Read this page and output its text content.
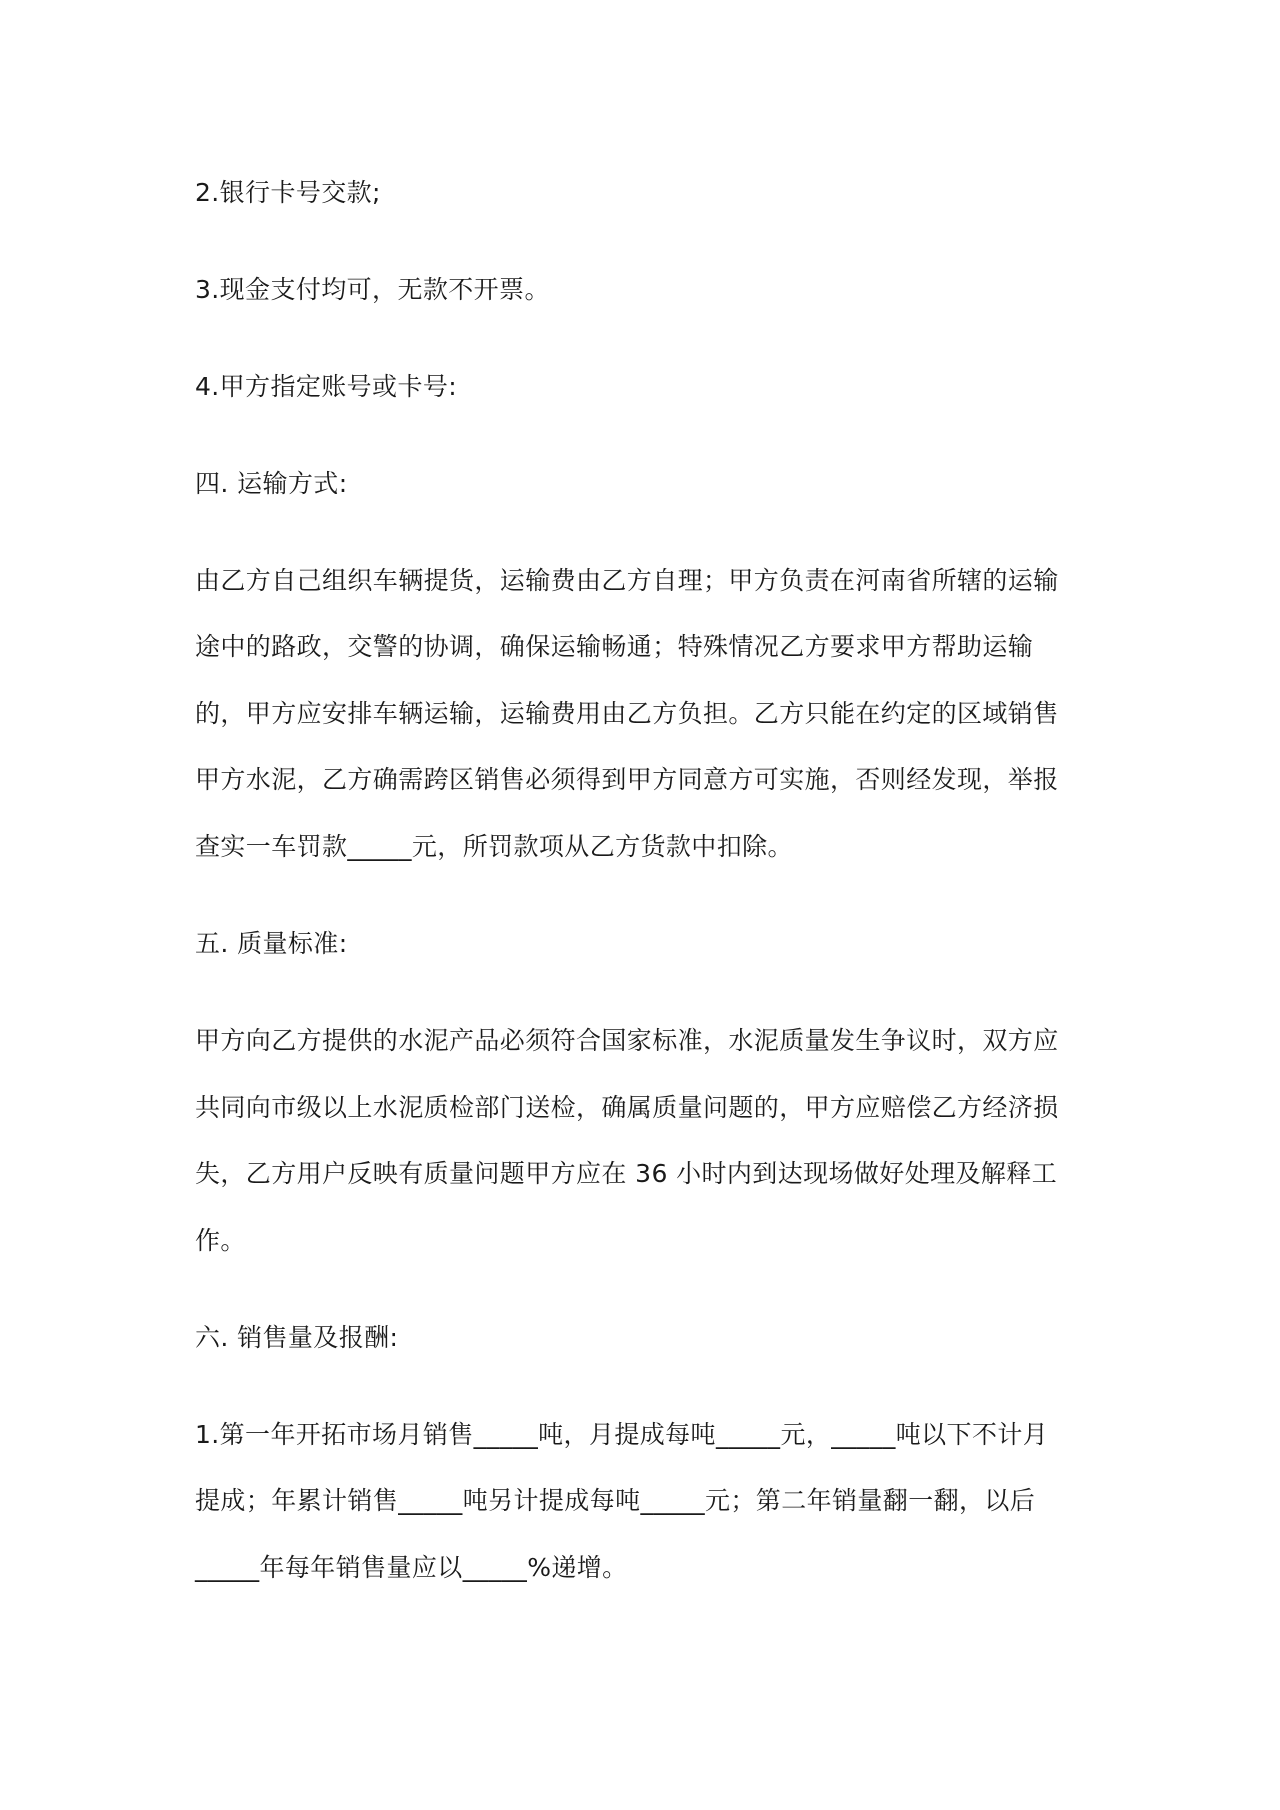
2.银行卡号交款;
3.现金支付均可，无款不开票。
4.甲方指定账号或卡号:
四. 运输方式:
由乙方自己组织车辆提货，运输费由乙方自理；甲方负责在河南省所辖的运输
途中的路政，交警的协调，确保运输畅通；特殊情况乙方要求甲方帮助运输
的，甲方应安排车辆运输，运输费用由乙方负担。乙方只能在约定的区域销售
甲方水泥，乙方确需跨区销售必须得到甲方同意方可实施，否则经发现，举报
查实一车罚款_____元，所罚款项从乙方货款中扣除。
五. 质量标准:
甲方向乙方提供的水泥产品必须符合国家标准，水泥质量发生争议时，双方应
共同向市级以上水泥质检部门送检，确属质量问题的，甲方应赔偿乙方经济损
失，乙方用户反映有质量问题甲方应在 36 小时内到达现场做好处理及解释工
作。
六. 销售量及报酬:
1.第一年开拓市场月销售_____吨，月提成每吨_____元，_____吨以下不计月
提成；年累计销售_____吨另计提成每吨_____元；第二年销量翻一翻，以后
_____年每年销售量应以_____%递增。
